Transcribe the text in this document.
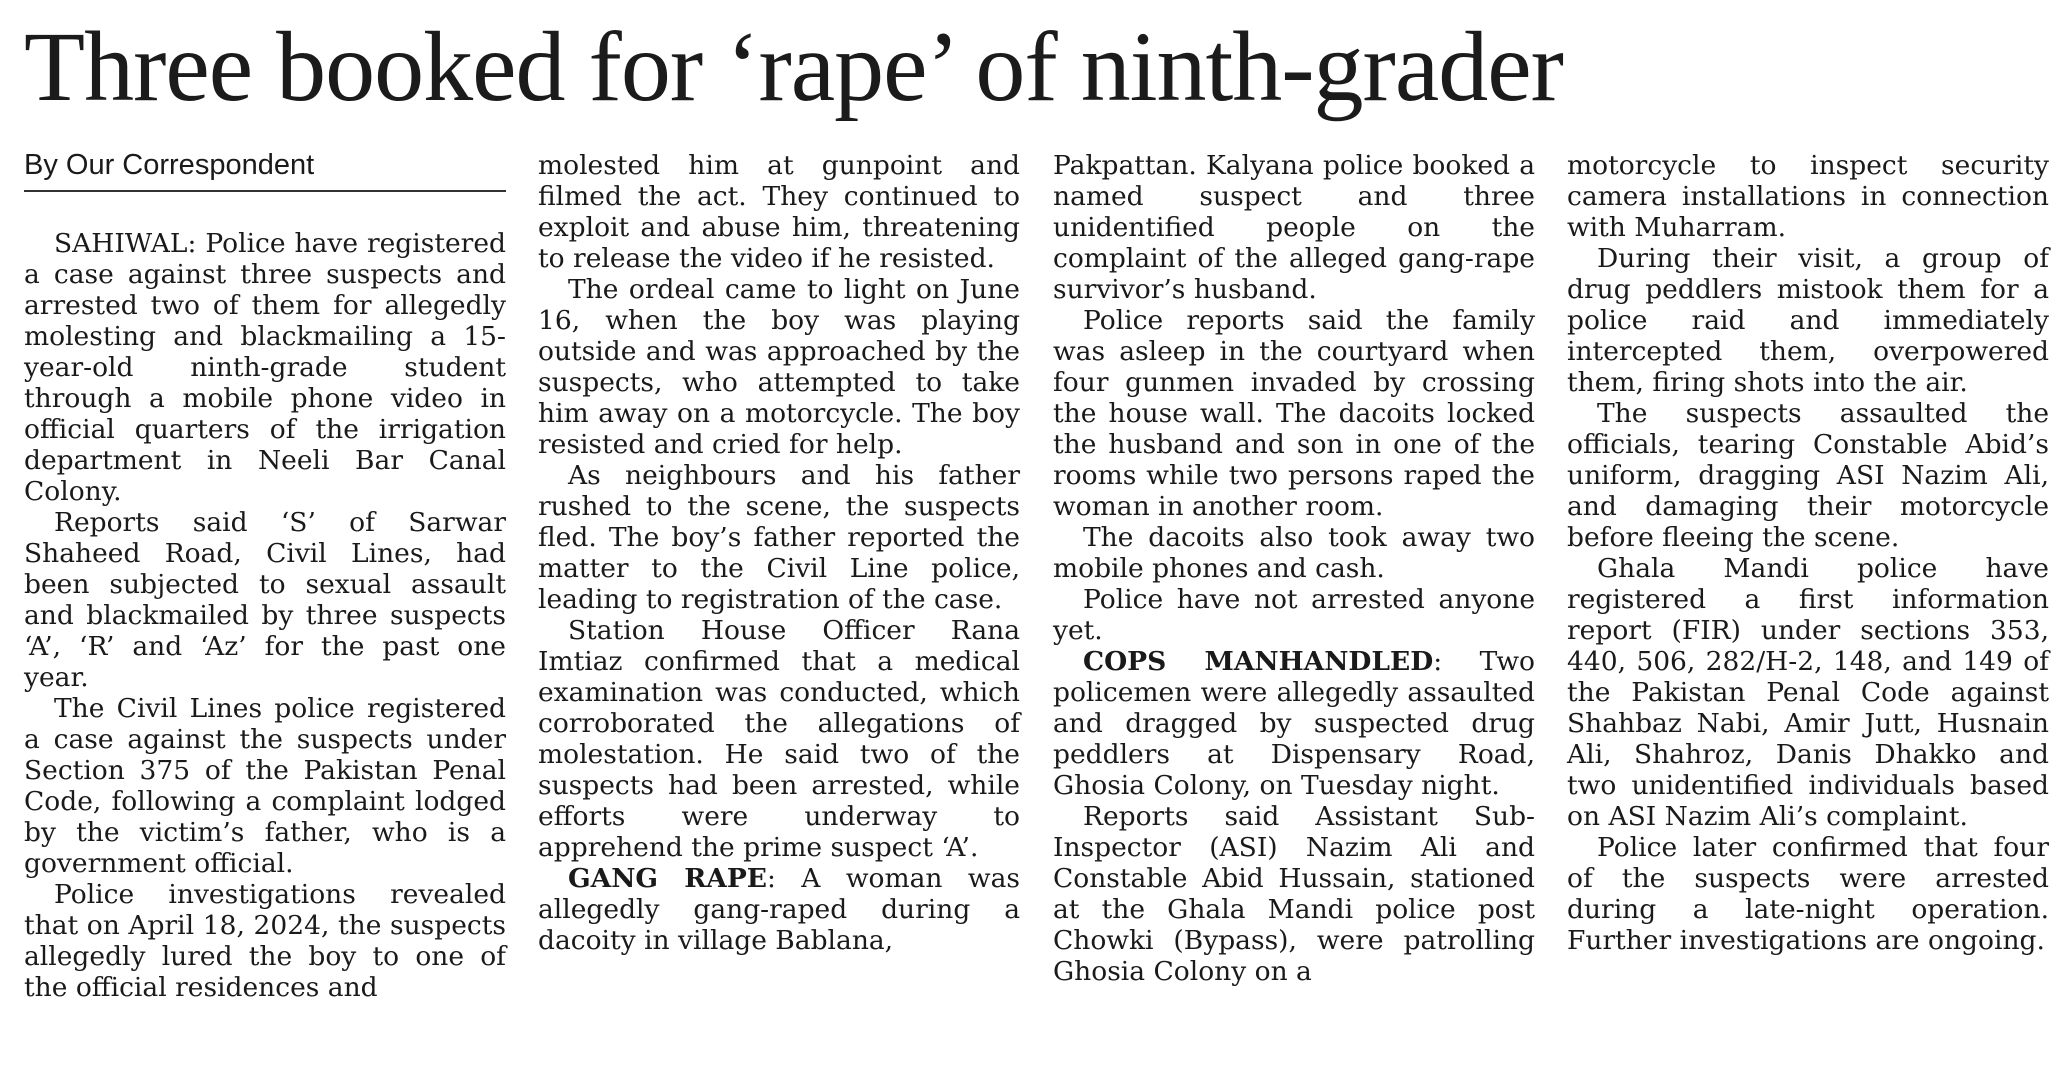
Three booked for ‘rape’ of ninth-grader
By Our Correspondent

SAHIWAL: Police have registered a case against three suspects and arrested two of them for allegedly molesting and blackmailing a 15-year-old ninth-grade student through a mobile phone video in official quarters of the irrigation department in Neeli Bar Canal Colony.

Reports said ‘S’ of Sarwar Shaheed Road, Civil Lines, had been subjected to sexual assault and blackmailed by three suspects ‘A’, ‘R’ and ‘Az’ for the past one year.

The Civil Lines police registered a case against the suspects under Section 375 of the Pakistan Penal Code, following a complaint lodged by the victim’s father, who is a government official.

Police investigations revealed that on April 18, 2024, the suspects allegedly lured the boy to one of the official residences and

molested him at gunpoint and filmed the act. They continued to exploit and abuse him, threatening to release the video if he resisted.

The ordeal came to light on June 16, when the boy was playing outside and was approached by the suspects, who attempted to take him away on a motorcycle. The boy resisted and cried for help.

As neighbours and his father rushed to the scene, the suspects fled. The boy’s father reported the matter to the Civil Line police, leading to registration of the case.

Station House Officer Rana Imtiaz confirmed that a medical examination was conducted, which corroborated the allegations of molestation. He said two of the suspects had been arrested, while efforts were underway to apprehend the prime suspect ‘A’.

GANG RAPE: A woman was allegedly gang-raped during a dacoity in village Bablana,

Pakpattan. Kalyana police booked a named suspect and three unidentified people on the complaint of the alleged gang-rape survivor’s husband.

Police reports said the family was asleep in the courtyard when four gunmen invaded by crossing the house wall. The dacoits locked the husband and son in one of the rooms while two persons raped the woman in another room.

The dacoits also took away two mobile phones and cash.

Police have not arrested anyone yet.

COPS MANHANDLED: Two policemen were allegedly assaulted and dragged by suspected drug peddlers at Dispensary Road, Ghosia Colony, on Tuesday night.

Reports said Assistant Sub-Inspector (ASI) Nazim Ali and Constable Abid Hussain, stationed at the Ghala Mandi police post Chowki (Bypass), were patrolling Ghosia Colony on a

motorcycle to inspect security camera installations in connection with Muharram.

During their visit, a group of drug peddlers mistook them for a police raid and immediately intercepted them, overpowered them, firing shots into the air.

The suspects assaulted the officials, tearing Constable Abid’s uniform, dragging ASI Nazim Ali, and damaging their motorcycle before fleeing the scene.

Ghala Mandi police have registered a first information report (FIR) under sections 353, 440, 506, 282/H-2, 148, and 149 of the Pakistan Penal Code against Shahbaz Nabi, Amir Jutt, Husnain Ali, Shahroz, Danis Dhakko and two unidentified individuals based on ASI Nazim Ali’s complaint.

Police later confirmed that four of the suspects were arrested during a late-night operation. Further investigations are ongoing.
